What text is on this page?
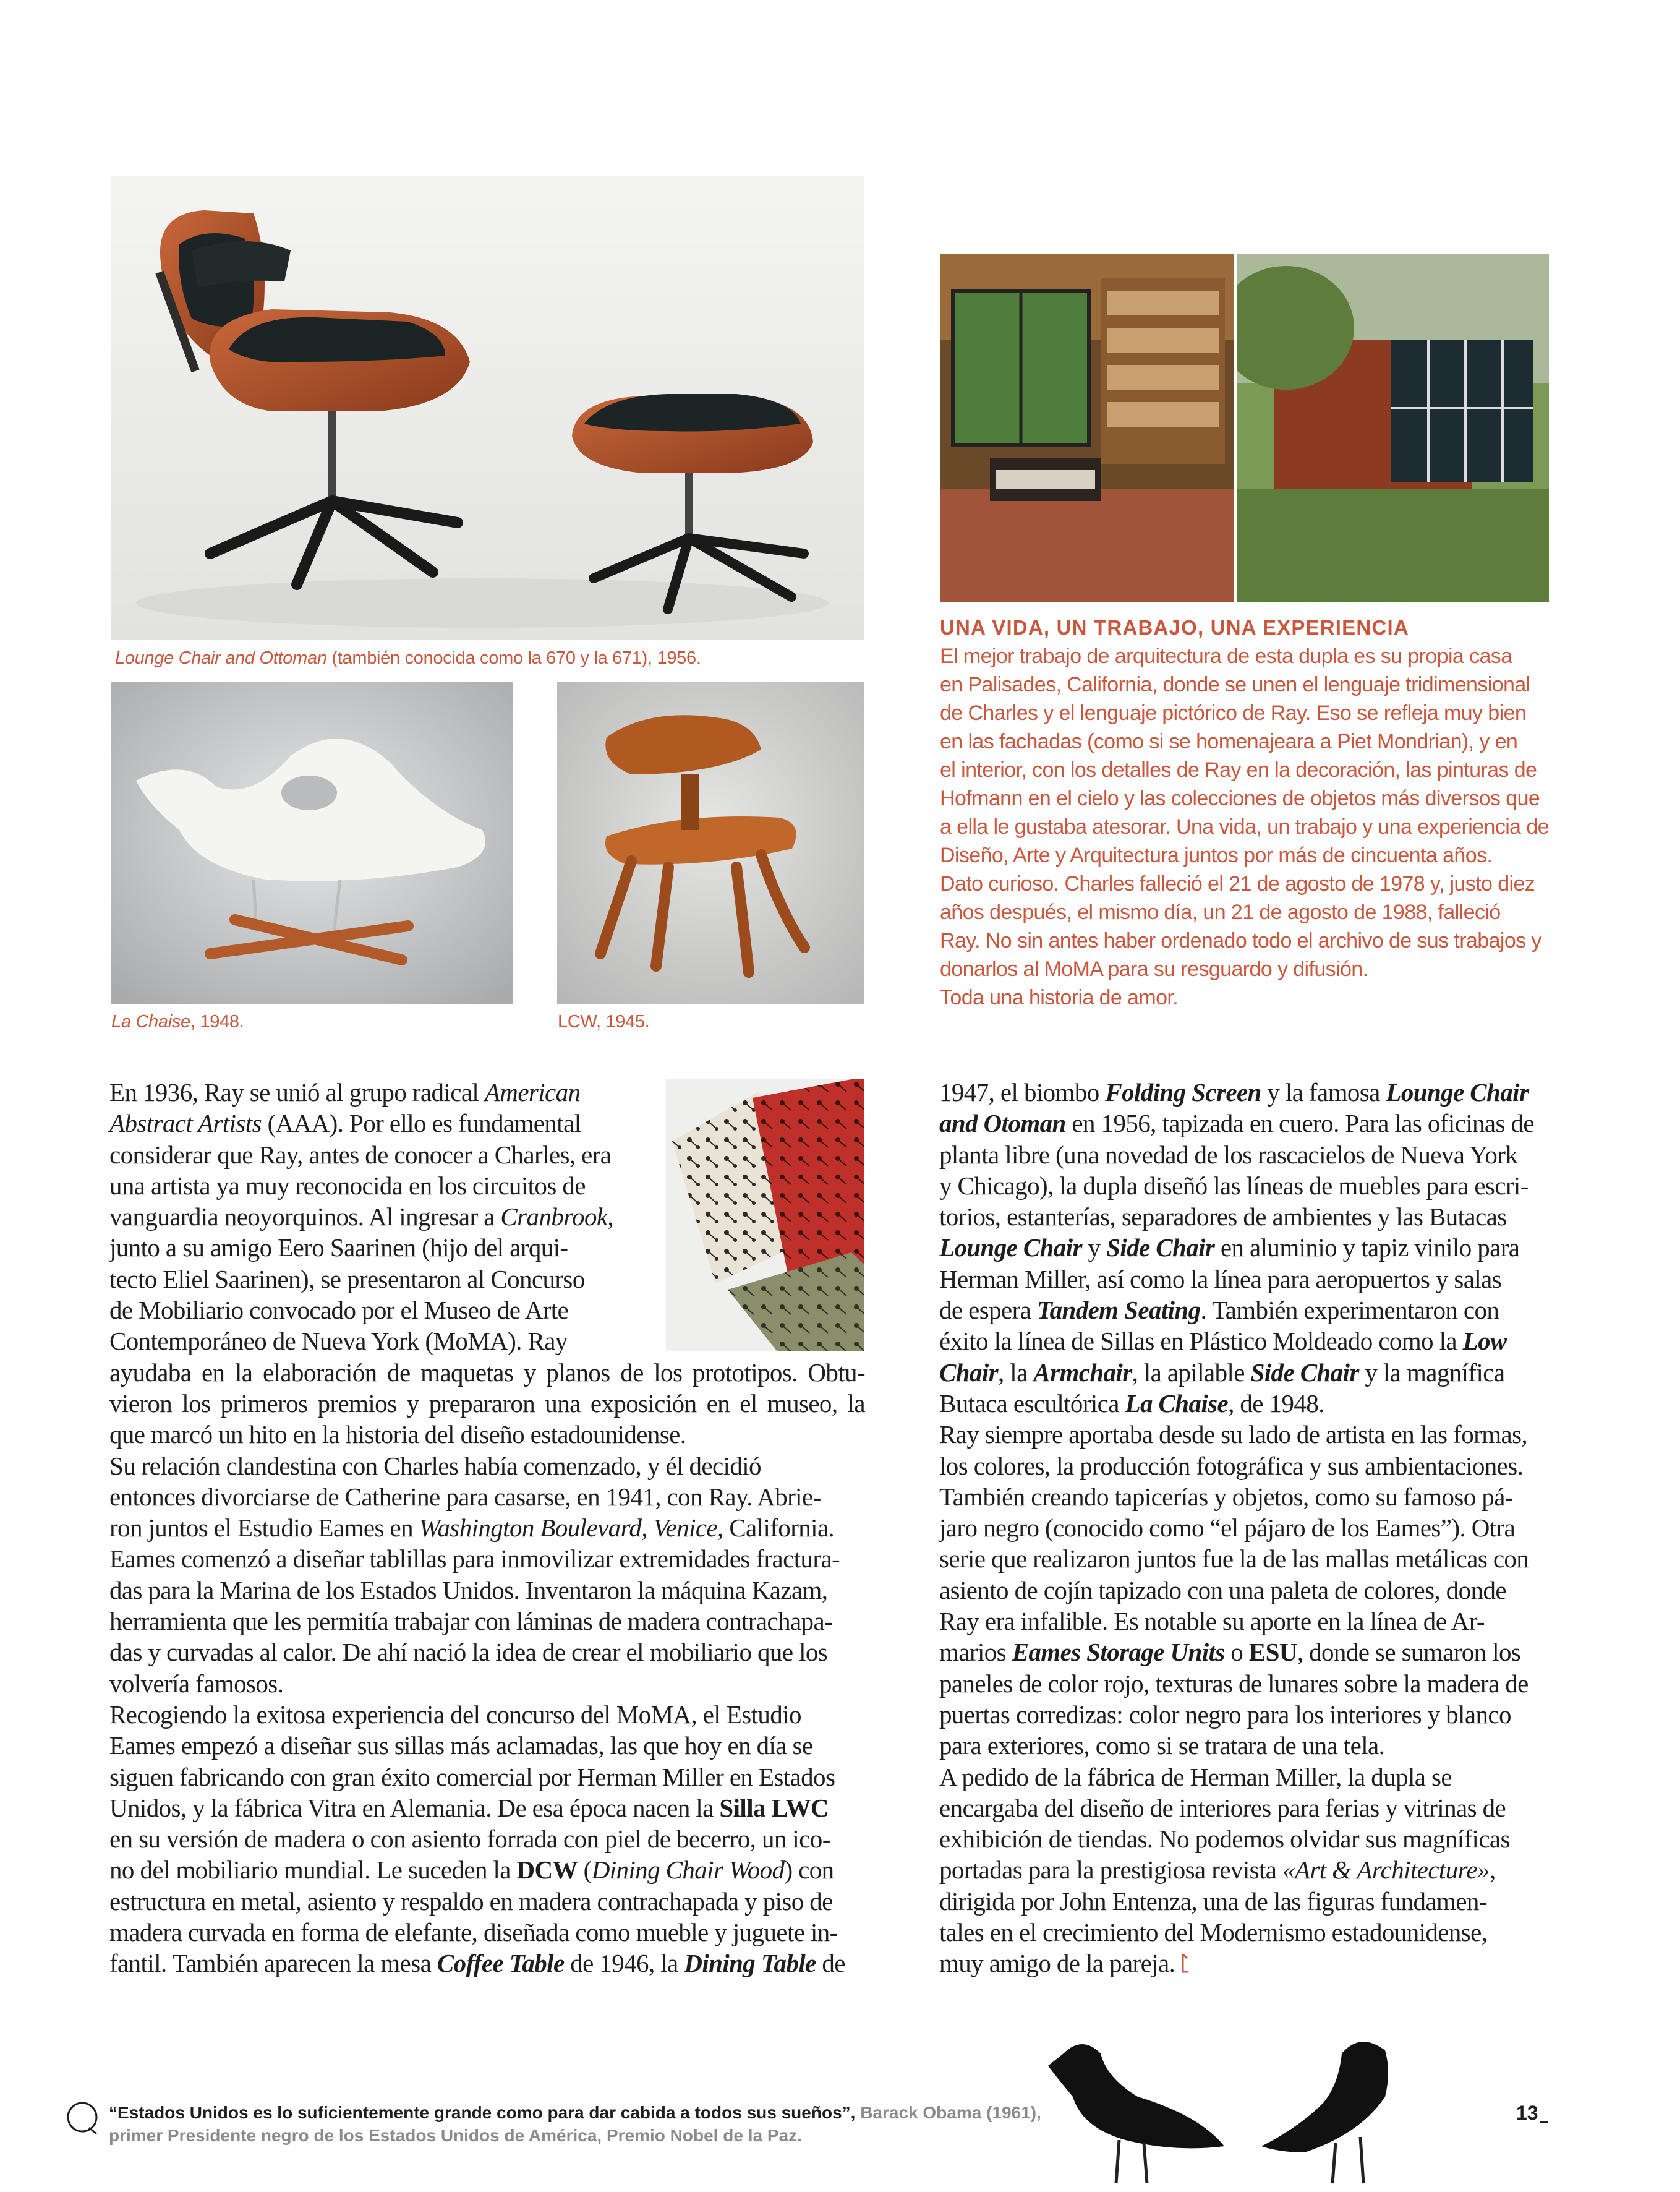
Lounge Chair and Ottoman (también conocida como la 670 y la 671), 1956.
La Chaise, 1948.	LCW, 1945.
UNA VIDA, UN TRABAJO, UNA EXPERIENCIA
El mejor trabajo de arquitectura de esta dupla es su propia casa
en Palisades, California, donde se unen el lenguaje tridimensional
de Charles y el lenguaje pictórico de Ray. Eso se refleja muy bien
en las fachadas (como si se homenajeara a Piet Mondrian), y en
el interior, con los detalles de Ray en la decoración, las pinturas de
Hofmann en el cielo y las colecciones de objetos más diversos que
a ella le gustaba atesorar. Una vida, un trabajo y una experiencia de
Diseño, Arte y Arquitectura juntos por más de cincuenta años.
Dato curioso. Charles falleció el 21 de agosto de 1978 y, justo diez
años después, el mismo día, un 21 de agosto de 1988, falleció
Ray. No sin antes haber ordenado todo el archivo de sus trabajos y
donarlos al MoMA para su resguardo y difusión.
Toda una historia de amor.
En 1936, Ray se unió al grupo radical American
Abstract Artists (AAA). Por ello es fundamental
considerar que Ray, antes de conocer a Charles, era
una artista ya muy reconocida en los circuitos de
vanguardia neoyorquinos. Al ingresar a Cranbrook,
junto a su amigo Eero Saarinen (hijo del arqui-
tecto Eliel Saarinen), se presentaron al Concurso
de Mobiliario convocado por el Museo de Arte
Contemporáneo de Nueva York (MoMA). Ray
ayudaba en la elaboración de maquetas y planos de los prototipos. Obtu-
vieron los primeros premios y prepararon una exposición en el museo, la
que marcó un hito en la historia del diseño estadounidense.
Su relación clandestina con Charles había comenzado, y él decidió
entonces divorciarse de Catherine para casarse, en 1941, con Ray. Abrie-
ron juntos el Estudio Eames en Washington Boulevard, Venice, California.
Eames comenzó a diseñar tablillas para inmovilizar extremidades fractura-
das para la Marina de los Estados Unidos. Inventaron la máquina Kazam,
herramienta que les permitía trabajar con láminas de madera contrachapa-
das y curvadas al calor. De ahí nació la idea de crear el mobiliario que los
volvería famosos.
Recogiendo la exitosa experiencia del concurso del MoMA, el Estudio
Eames empezó a diseñar sus sillas más aclamadas, las que hoy en día se
siguen fabricando con gran éxito comercial por Herman Miller en Estados
Unidos, y la fábrica Vitra en Alemania. De esa época nacen la Silla LWC
en su versión de madera o con asiento forrada con piel de becerro, un ico-
no del mobiliario mundial. Le suceden la DCW (Dining Chair Wood) con
estructura en metal, asiento y respaldo en madera contrachapada y piso de
madera curvada en forma de elefante, diseñada como mueble y juguete in-
fantil. También aparecen la mesa Coffee Table de 1946, la Dining Table de
1947, el biombo Folding Screen y la famosa Lounge Chair
and Otoman en 1956, tapizada en cuero. Para las oficinas de
planta libre (una novedad de los rascacielos de Nueva York
y Chicago), la dupla diseñó las líneas de muebles para escri-
torios, estanterías, separadores de ambientes y las Butacas
Lounge Chair y Side Chair en aluminio y tapiz vinilo para
Herman Miller, así como la línea para aeropuertos y salas
de espera Tandem Seating. También experimentaron con
éxito la línea de Sillas en Plástico Moldeado como la Low
Chair, la Armchair, la apilable Side Chair y la magnífica
Butaca escultórica La Chaise, de 1948.
Ray siempre aportaba desde su lado de artista en las formas,
los colores, la producción fotográfica y sus ambientaciones.
También creando tapicerías y objetos, como su famoso pá-
jaro negro (conocido como “el pájaro de los Eames”). Otra
serie que realizaron juntos fue la de las mallas metálicas con
asiento de cojín tapizado con una paleta de colores, donde
Ray era infalible. Es notable su aporte en la línea de Ar-
marios Eames Storage Units o ESU, donde se sumaron los
paneles de color rojo, texturas de lunares sobre la madera de
puertas corredizas: color negro para los interiores y blanco
para exteriores, como si se tratara de una tela.
A pedido de la fábrica de Herman Miller, la dupla se
encargaba del diseño de interiores para ferias y vitrinas de
exhibición de tiendas. No podemos olvidar sus magníficas
portadas para la prestigiosa revista «Art & Architecture»,
dirigida por John Entenza, una de las figuras fundamen-
tales en el crecimiento del Modernismo estadounidense,
muy amigo de la pareja.
“Estados Unidos es lo suficientemente grande como para dar cabida a todos sus sueños”, Barack Obama (1961),
primer Presidente negro de los Estados Unidos de América, Premio Nobel de la Paz.
13
